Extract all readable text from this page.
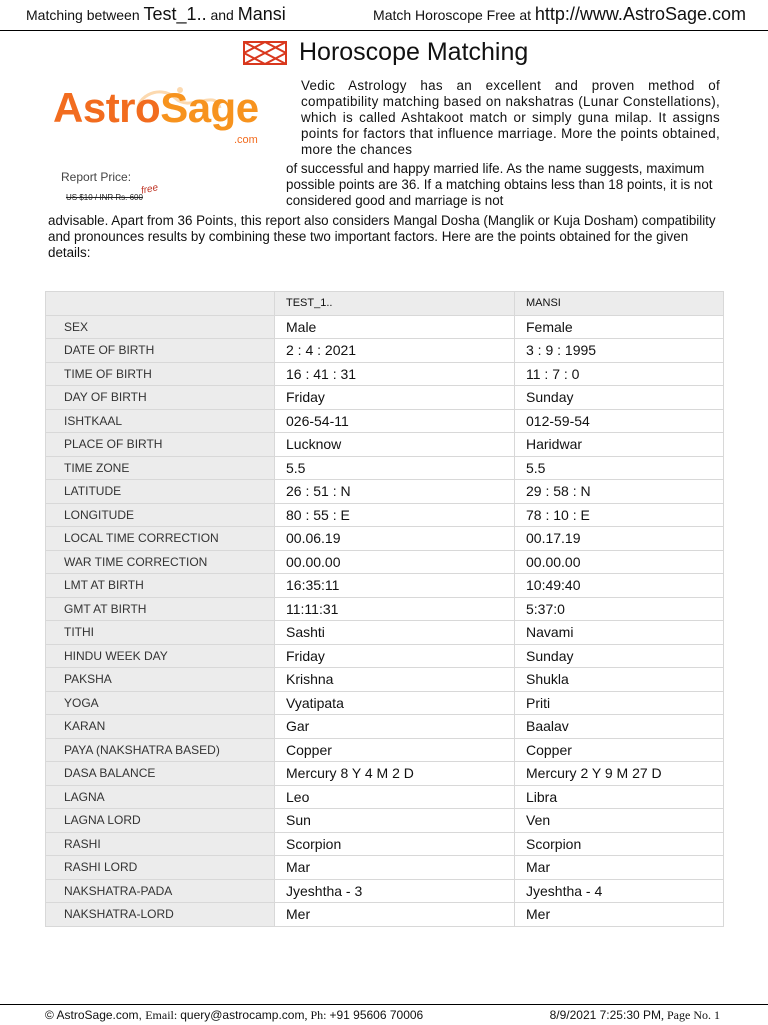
Matching between Test_1.. and Mansi	Match Horoscope Free at http://www.AstroSage.com
Horoscope Matching
AstroSage
.com
Report Price:
US $10 / INR Rs. 600
free
Vedic Astrology has an excellent and proven method of compatibility matching based on nakshatras (Lunar Constellations), which is called Ashtakoot match or simply guna milap. It assigns points for factors that influence marriage. More the points obtained, more the chances
of successful and happy married life. As the name suggests, maximum possible points are 36. If a matching obtains less than 18 points, it is not considered good and marriage is not
advisable. Apart from 36 Points, this report also considers Mangal Dosha (Manglik or Kuja Dosham) compatibility and pronounces results by combining these two important factors. Here are the points obtained for the given details:
	TEST_1..	MANSI
SEX	Male	Female
DATE OF BIRTH	2 : 4 : 2021	3 : 9 : 1995
TIME OF BIRTH	16 : 41 : 31	11 : 7 : 0
DAY OF BIRTH	Friday	Sunday
ISHTKAAL	026-54-11	012-59-54
PLACE OF BIRTH	Lucknow	Haridwar
TIME ZONE	5.5	5.5
LATITUDE	26 : 51 : N	29 : 58 : N
LONGITUDE	80 : 55 : E	78 : 10 : E
LOCAL TIME CORRECTION	00.06.19	00.17.19
WAR TIME CORRECTION	00.00.00	00.00.00
LMT AT BIRTH	16:35:11	10:49:40
GMT AT BIRTH	11:11:31	5:37:0
TITHI	Sashti	Navami
HINDU WEEK DAY	Friday	Sunday
PAKSHA	Krishna	Shukla
YOGA	Vyatipata	Priti
KARAN	Gar	Baalav
PAYA (NAKSHATRA BASED)	Copper	Copper
DASA BALANCE	Mercury 8 Y 4 M 2 D	Mercury 2 Y 9 M 27 D
LAGNA	Leo	Libra
LAGNA LORD	Sun	Ven
RASHI	Scorpion	Scorpion
RASHI LORD	Mar	Mar
NAKSHATRA-PADA	Jyeshtha - 3	Jyeshtha - 4
NAKSHATRA-LORD	Mer	Mer
© AstroSage.com, Email: query@astrocamp.com, Ph: +91 95606 70006	8/9/2021 7:25:30 PM, Page No. 1
